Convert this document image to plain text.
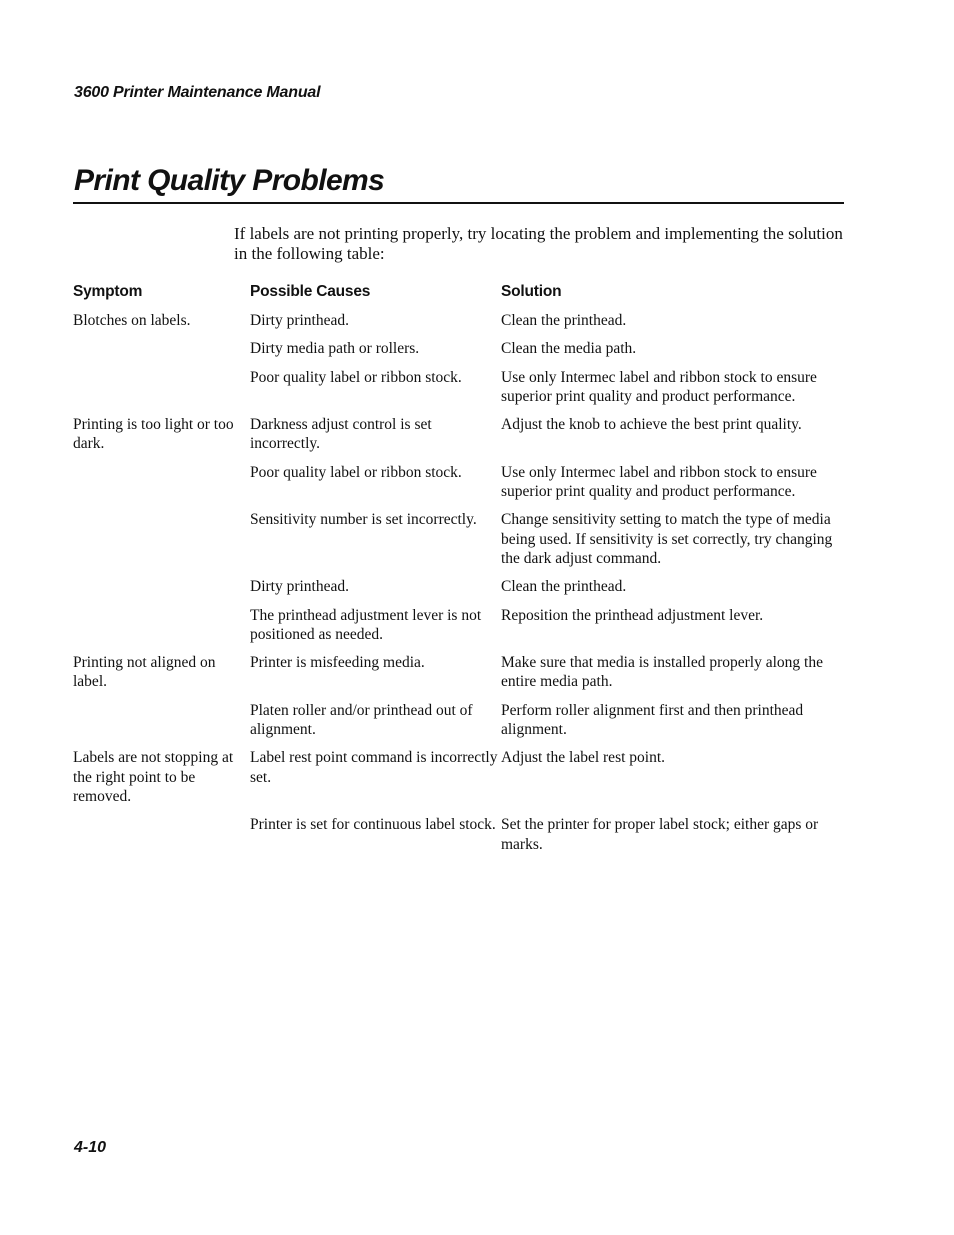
3600 Printer Maintenance Manual
Print Quality Problems

If labels are not printing properly, try locating the problem and implementing the solution in the following table:

Symptom	Possible Causes	Solution
Blotches on labels.	Dirty printhead.	Clean the printhead.
	Dirty media path or rollers.	Clean the media path.
	Poor quality label or ribbon stock.	Use only Intermec label and ribbon stock to ensure superior print quality and product performance.
Printing is too light or too dark.	Darkness adjust control is set incorrectly.	Adjust the knob to achieve the best print quality.
	Poor quality label or ribbon stock.	Use only Intermec label and ribbon stock to ensure superior print quality and product performance.
	Sensitivity number is set incorrectly.	Change sensitivity setting to match the type of media being used. If sensitivity is set correctly, try changing the dark adjust command.
	Dirty printhead.	Clean the printhead.
	The printhead adjustment lever is not positioned as needed.	Reposition the printhead adjustment lever.
Printing not aligned on label.	Printer is misfeeding media.	Make sure that media is installed properly along the entire media path.
	Platen roller and/or printhead out of alignment.	Perform roller alignment first and then printhead alignment.
Labels are not stopping at the right point to be removed.	Label rest point command is incorrectly set.	Adjust the label rest point.
	Printer is set for continuous label stock.	Set the printer for proper label stock; either gaps or marks.
4-10
